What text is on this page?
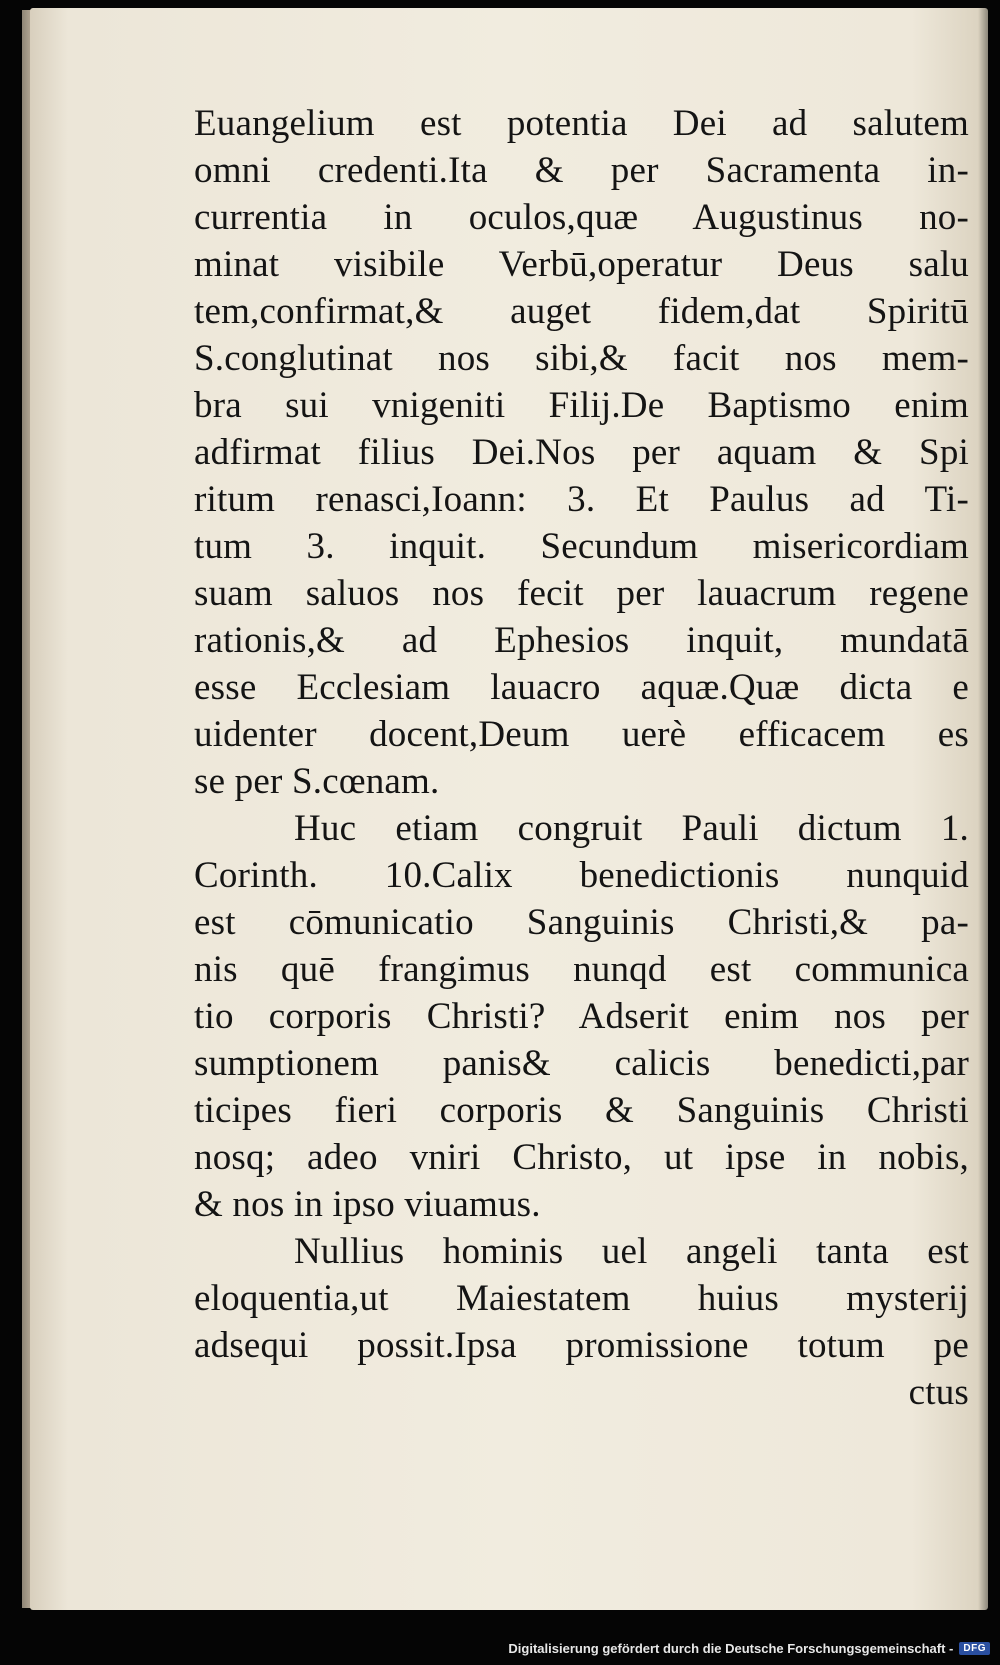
Euangelium est potentia Dei ad salutem
omni credenti.Ita & per Sacramenta in-
currentia in oculos,quæ Augustinus no-
minat visibile Verbū,operatur Deus salu
tem,confirmat,& auget fidem,dat Spiritū
S.conglutinat nos sibi,& facit nos mem-
bra sui vnigeniti Filij.De Baptismo enim
adfirmat filius Dei.Nos per aquam & Spi
ritum renasci,Ioann: 3. Et Paulus ad Ti-
tum 3. inquit. Secundum misericordiam
suam saluos nos fecit per lauacrum regene
rationis,& ad Ephesios inquit, mundatā
esse Ecclesiam lauacro aquæ.Quæ dicta e
uidenter docent,Deum uerè efficacem es
se per S.cœnam.
Huc etiam congruit Pauli dictum 1.
Corinth. 10.Calix benedictionis nunquid
est cōmunicatio Sanguinis Christi,& pa-
nis quē frangimus nunqd est communica
tio corporis Christi? Adserit enim nos per
sumptionem panis& calicis benedicti,par
ticipes fieri corporis & Sanguinis Christi
nosq; adeo vniri Christo, ut ipse in nobis,
& nos in ipso viuamus.
Nullius hominis uel angeli tanta est
eloquentia,ut Maiestatem huius mysterij
adsequi possit.Ipsa promissione totum pe
ctus
Digitalisierung gefördert durch die Deutsche Forschungsgemeinschaft -	DFG
